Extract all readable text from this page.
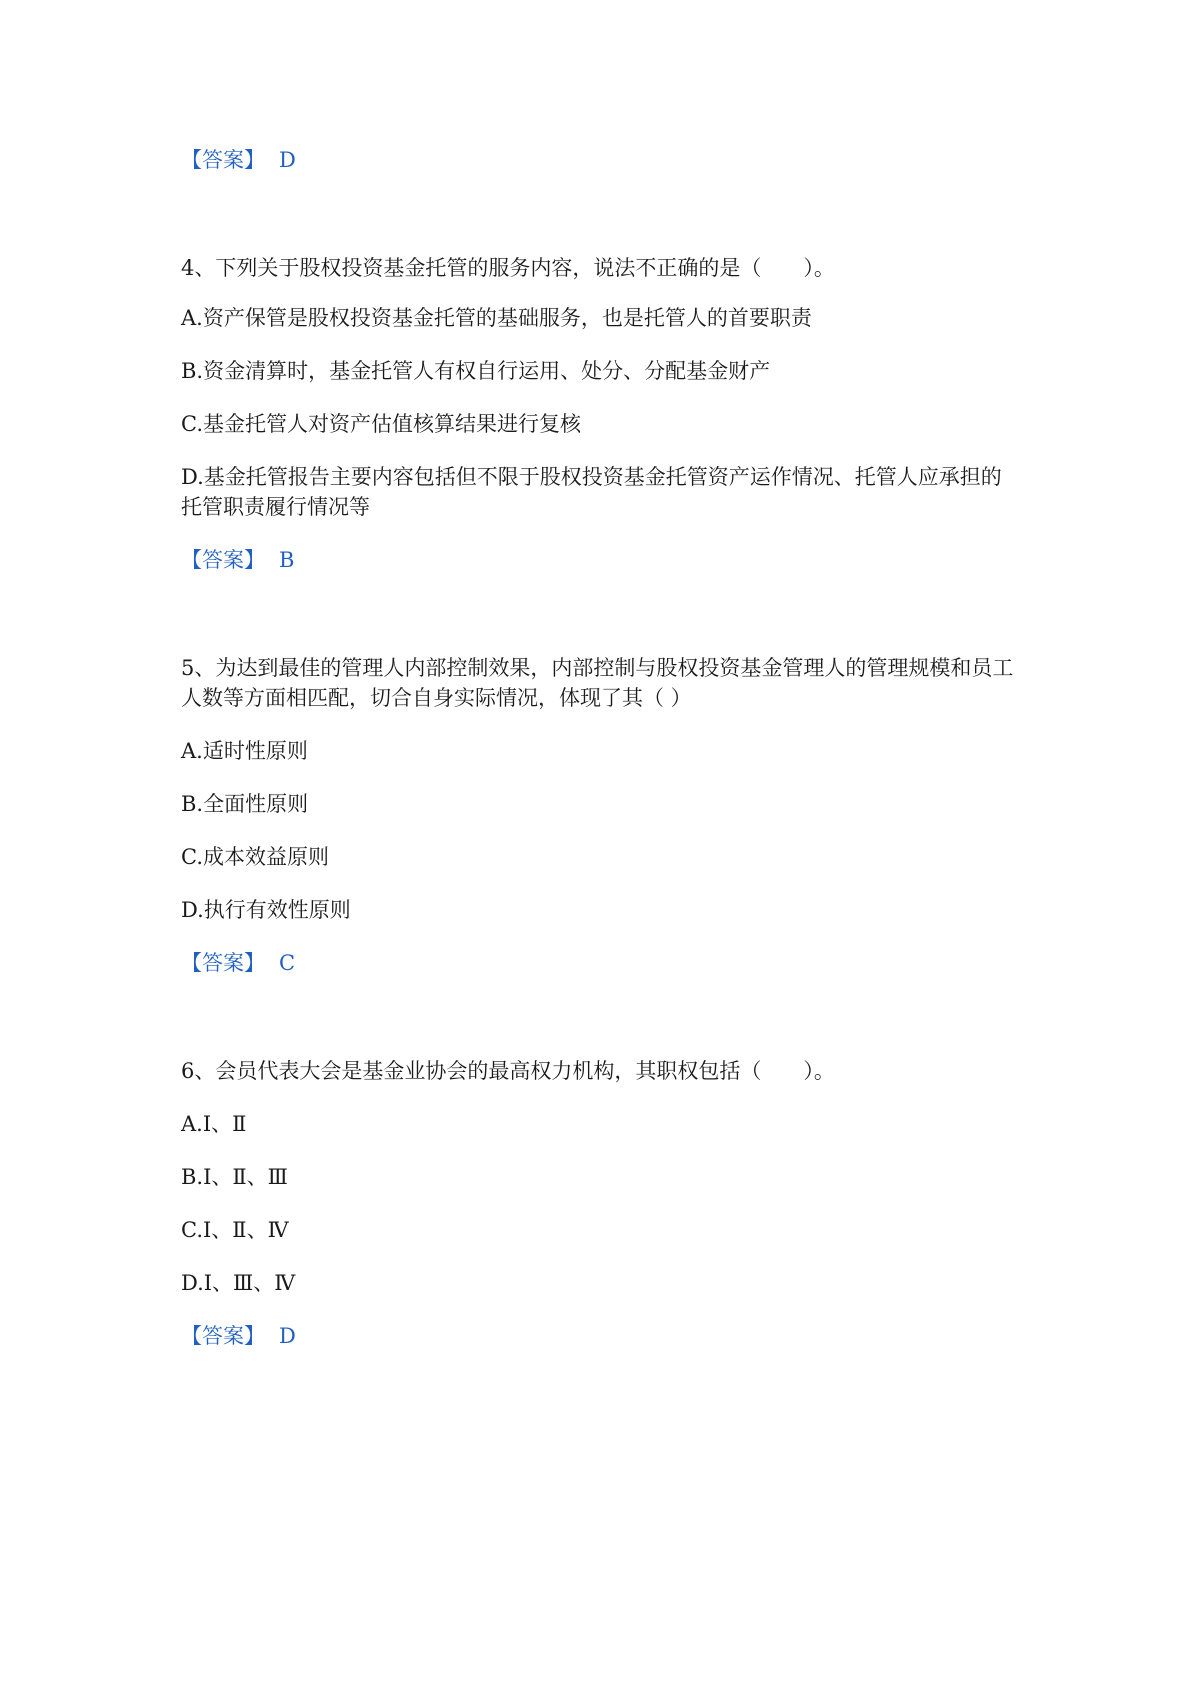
【答案】 D
4、下列关于股权投资基金托管的服务内容，说法不正确的是（　　）。
A.资产保管是股权投资基金托管的基础服务，也是托管人的首要职责
B.资金清算时，基金托管人有权自行运用、处分、分配基金财产
C.基金托管人对资产估值核算结果进行复核
D.基金托管报告主要内容包括但不限于股权投资基金托管资产运作情况、托管人应承担的托管职责履行情况等
【答案】 B
5、为达到最佳的管理人内部控制效果，内部控制与股权投资基金管理人的管理规模和员工人数等方面相匹配，切合自身实际情况，体现了其（ ）
A.适时性原则
B.全面性原则
C.成本效益原则
D.执行有效性原则
【答案】 C
6、会员代表大会是基金业协会的最高权力机构，其职权包括（　　）。
A.Ⅰ、Ⅱ
B.Ⅰ、Ⅱ、Ⅲ
C.Ⅰ、Ⅱ、Ⅳ
D.Ⅰ、Ⅲ、Ⅳ
【答案】 D
